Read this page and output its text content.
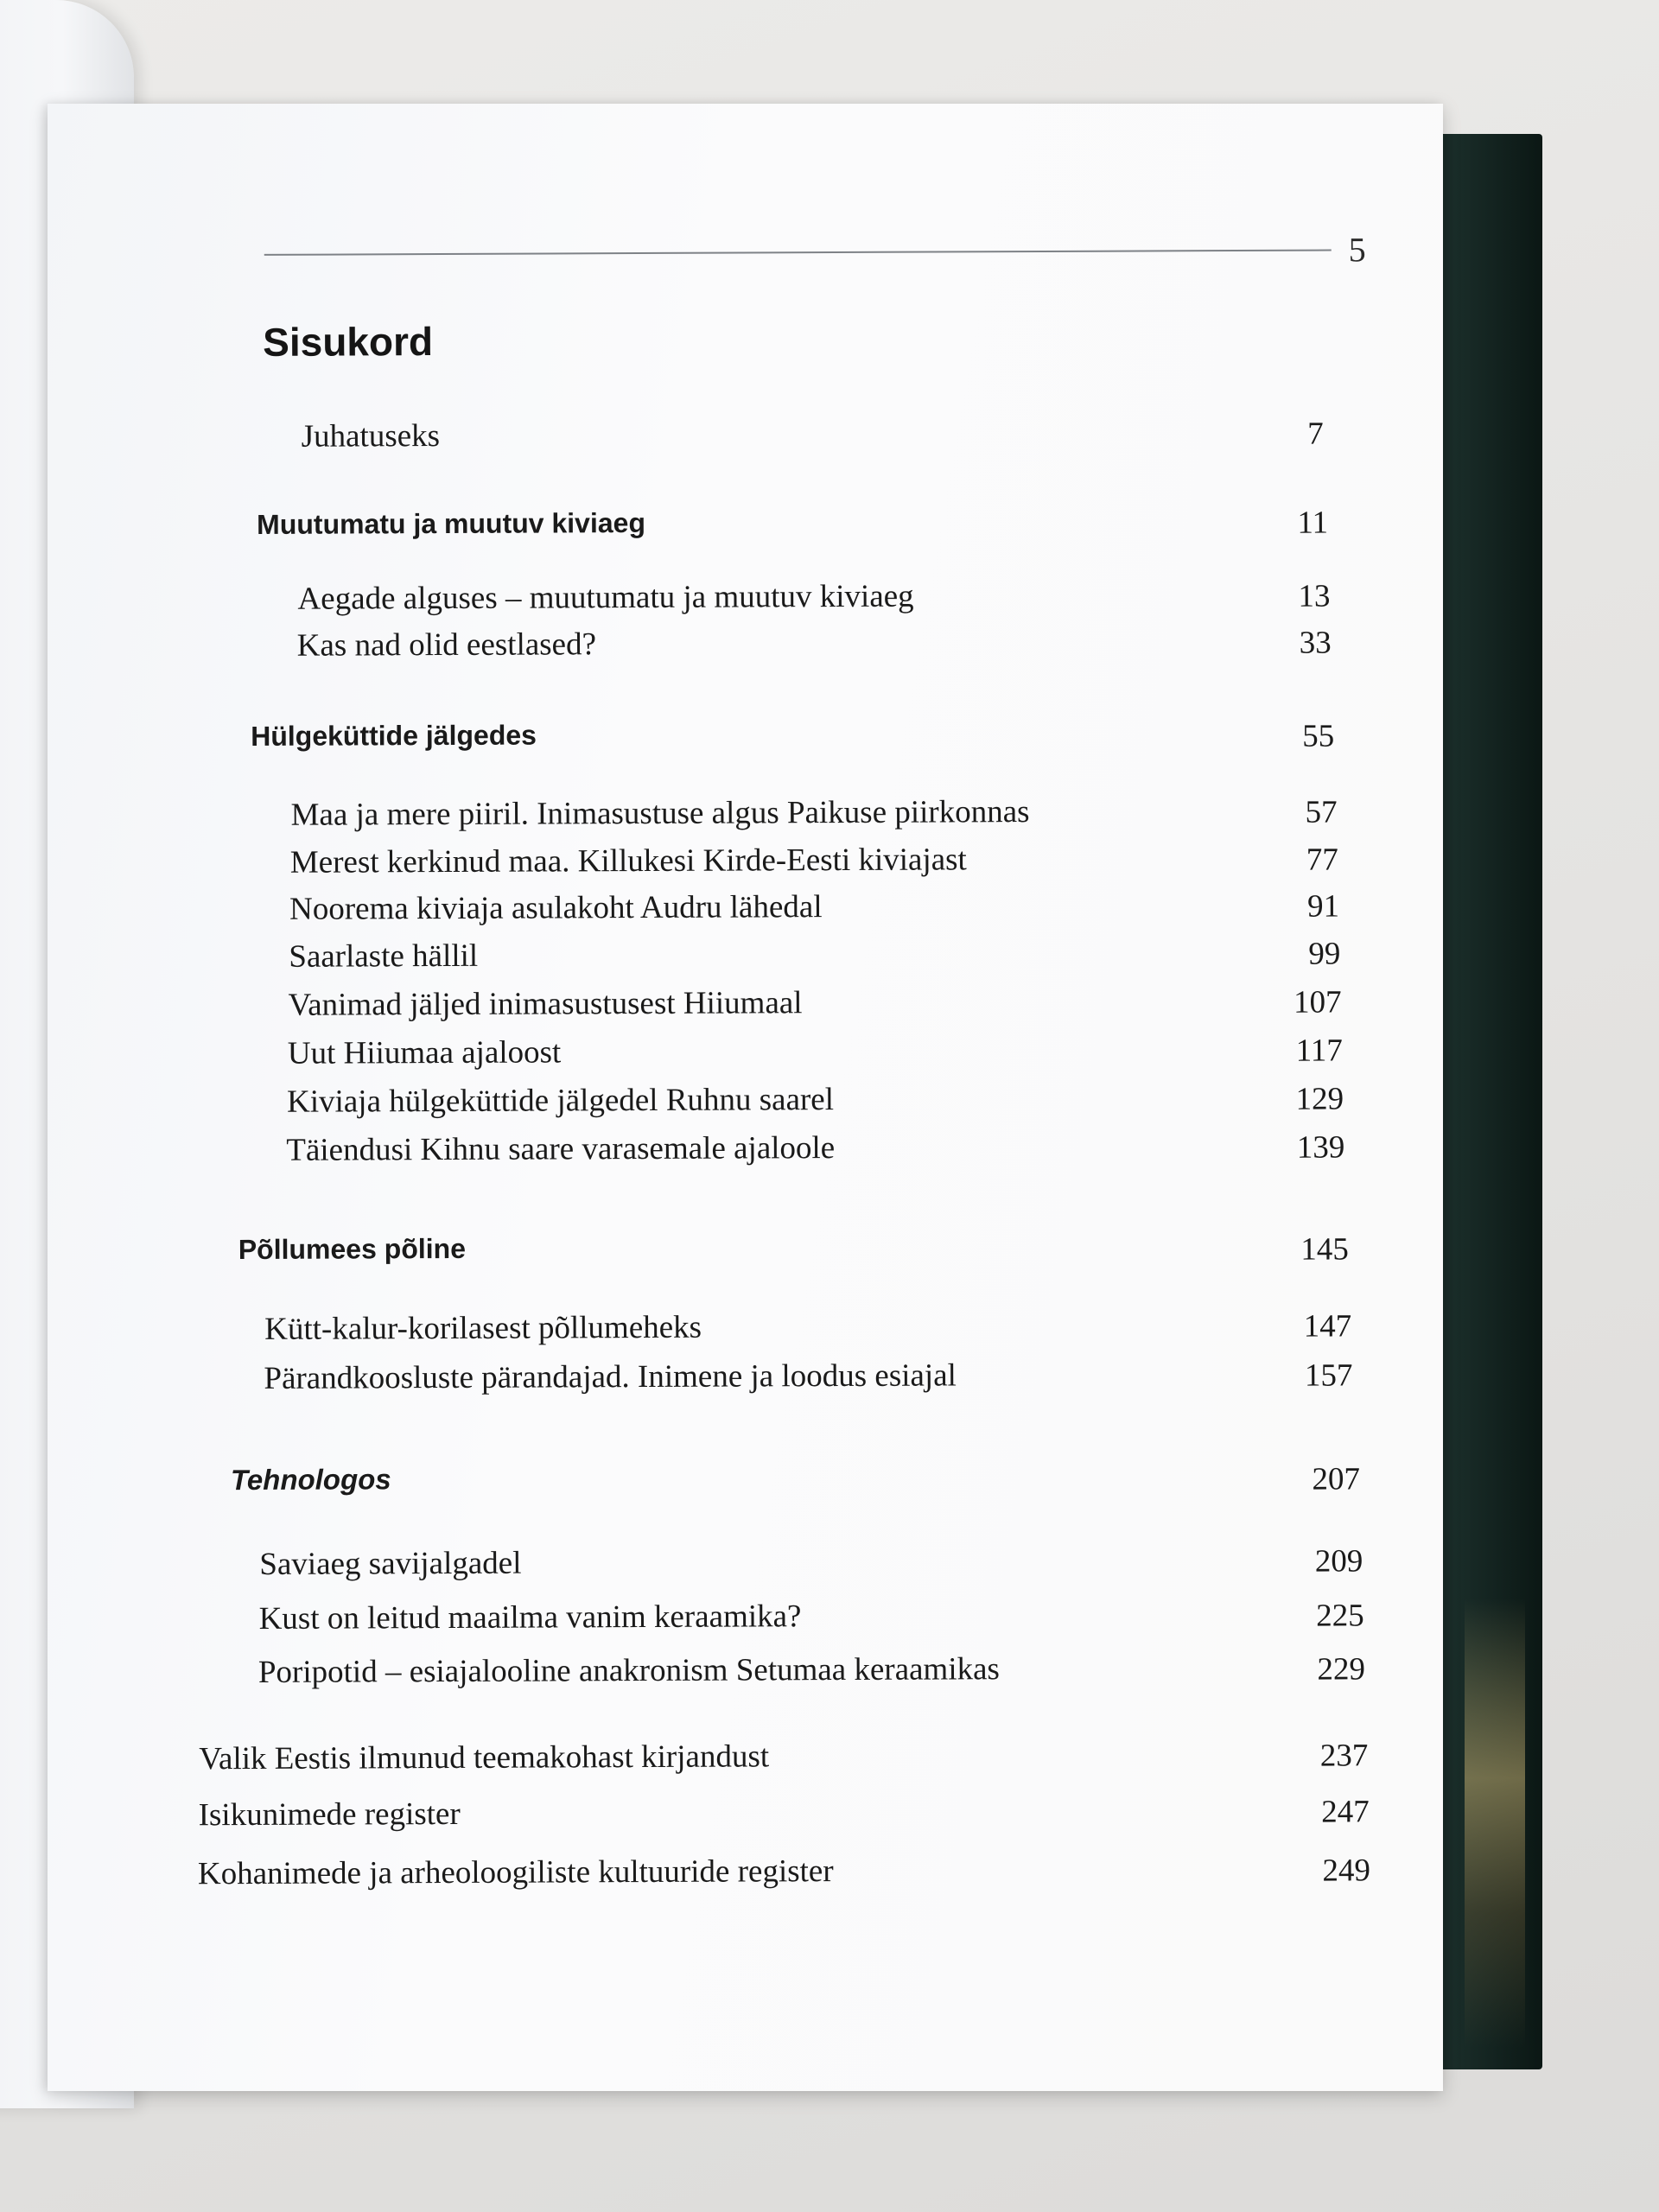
5
Sisukord
Juhatuseks	7
Muutumatu ja muutuv kiviaeg	11
Aegade alguses – muutumatu ja muutuv kiviaeg	13
Kas nad olid eestlased?	33
Hülgeküttide jälgedes	55
Maa ja mere piiril. Inimasustuse algus Paikuse piirkonnas	57
Merest kerkinud maa. Killukesi Kirde-Eesti kiviajast	77
Noorema kiviaja asulakoht Audru lähedal	91
Saarlaste hällil	99
Vanimad jäljed inimasustusest Hiiumaal	107
Uut Hiiumaa ajaloost	117
Kiviaja hülgeküttide jälgedel Ruhnu saarel	129
Täiendusi Kihnu saare varasemale ajaloole	139
Põllumees põline	145
Kütt-kalur-korilasest põllumeheks	147
Pärandkoosluste pärandajad. Inimene ja loodus esiajal	157
Tehnologos	207
Saviaeg savijalgadel	209
Kust on leitud maailma vanim keraamika?	225
Poripotid – esiajalooline anakronism Setumaa keraamikas	229
Valik Eestis ilmunud teemakohast kirjandust	237
Isikunimede register	247
Kohanimede ja arheoloogiliste kultuuride register	249
